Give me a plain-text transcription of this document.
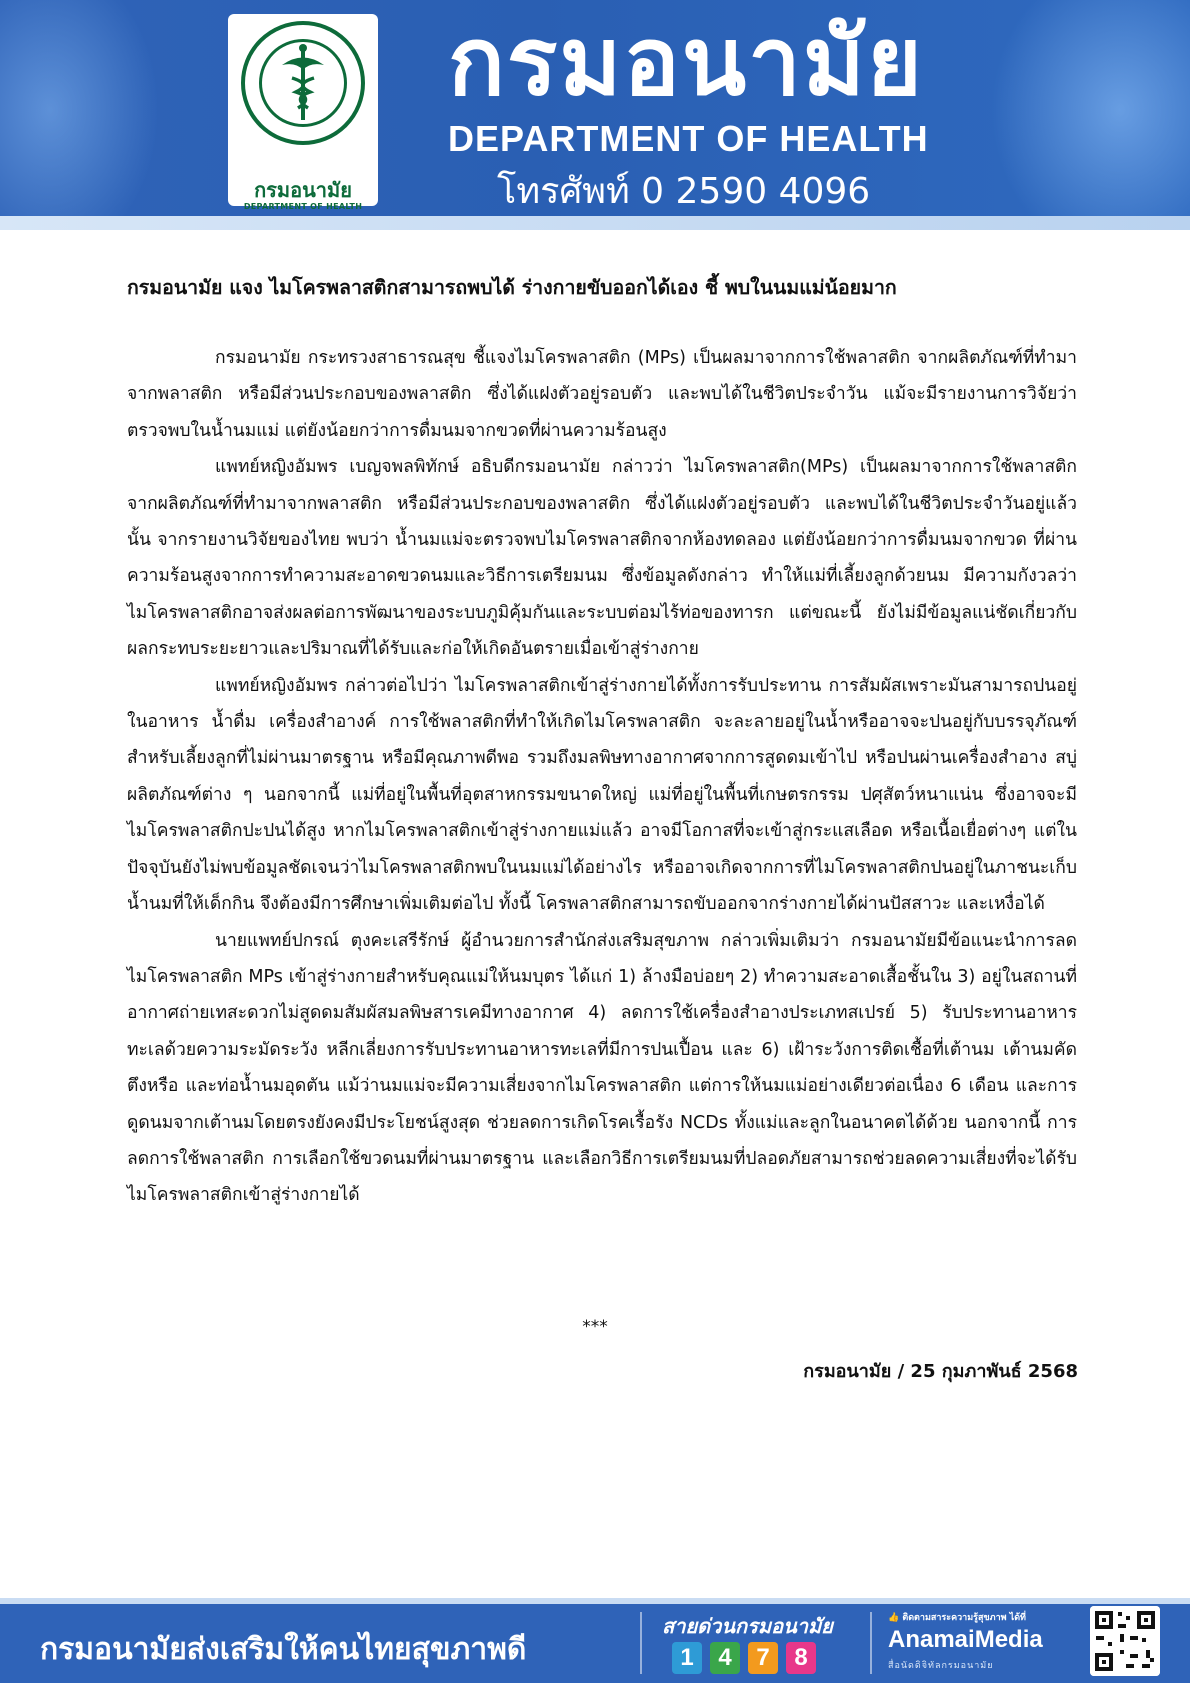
กรมอนามัย
DEPARTMENT OF HEALTH
กรมอนามัย
DEPARTMENT OF HEALTH
โทรศัพท์ 0 2590 4096
กรมอนามัย แจง ไมโครพลาสติกสามารถพบได้ ร่างกายขับออกได้เอง ชี้ พบในนมแม่น้อยมาก

กรมอนามัย กระทรวงสาธารณสุข ชี้แจงไมโครพลาสติก (MPs) เป็นผลมาจากการใช้พลาสติก จากผลิตภัณฑ์ที่ทำมาจากพลาสติก หรือมีส่วนประกอบของพลาสติก ซึ่งได้แฝงตัวอยู่รอบตัว และพบได้ในชีวิตประจำวัน แม้จะมีรายงานการวิจัยว่า ตรวจพบในน้ำนมแม่ แต่ยังน้อยกว่าการดื่มนมจากขวดที่ผ่านความร้อนสูง

แพทย์หญิงอัมพร เบญจพลพิทักษ์ อธิบดีกรมอนามัย กล่าวว่า ไมโครพลาสติก(MPs) เป็นผลมาจากการใช้พลาสติก จากผลิตภัณฑ์ที่ทำมาจากพลาสติก หรือมีส่วนประกอบของพลาสติก ซึ่งได้แฝงตัวอยู่รอบตัว และพบได้ในชีวิตประจำวันอยู่แล้ว นั้น จากรายงานวิจัยของไทย พบว่า น้ำนมแม่จะตรวจพบไมโครพลาสติกจากห้องทดลอง แต่ยังน้อยกว่าการดื่มนมจากขวด ที่ผ่านความร้อนสูงจากการทำความสะอาดขวดนมและวิธีการเตรียมนม ซึ่งข้อมูลดังกล่าว ทำให้แม่ที่เลี้ยงลูกด้วยนม มีความกังวลว่าไมโครพลาสติกอาจส่งผลต่อการพัฒนาของระบบภูมิคุ้มกันและระบบต่อมไร้ท่อของทารก แต่ขณะนี้ ยังไม่มีข้อมูลแน่ชัดเกี่ยวกับผลกระทบระยะยาวและปริมาณที่ได้รับและก่อให้เกิดอันตรายเมื่อเข้าสู่ร่างกาย

แพทย์หญิงอัมพร กล่าวต่อไปว่า ไมโครพลาสติกเข้าสู่ร่างกายได้ทั้งการรับประทาน การสัมผัสเพราะมันสามารถปนอยู่ในอาหาร น้ำดื่ม เครื่องสำอางค์ การใช้พลาสติกที่ทำให้เกิดไมโครพลาสติก จะละลายอยู่ในน้ำหรืออาจจะปนอยู่กับบรรจุภัณฑ์สำหรับเลี้ยงลูกที่ไม่ผ่านมาตรฐาน หรือมีคุณภาพดีพอ รวมถึงมลพิษทางอากาศจากการสูดดมเข้าไป หรือปนผ่านเครื่องสำอาง สบู่ ผลิตภัณฑ์ต่าง ๆ นอกจากนี้ แม่ที่อยู่ในพื้นที่อุตสาหกรรมขนาดใหญ่ แม่ที่อยู่ในพื้นที่เกษตรกรรม ปศุสัตว์หนาแน่น ซึ่งอาจจะมีไมโครพลาสติกปะปนได้สูง หากไมโครพลาสติกเข้าสู่ร่างกายแม่แล้ว อาจมีโอกาสที่จะเข้าสู่กระแสเลือด หรือเนื้อเยื่อต่างๆ แต่ในปัจจุบันยังไม่พบข้อมูลชัดเจนว่าไมโครพลาสติกพบในนมแม่ได้อย่างไร หรืออาจเกิดจากการที่ไมโครพลาสติกปนอยู่ในภาชนะเก็บน้ำนมที่ให้เด็กกิน จึงต้องมีการศึกษาเพิ่มเติมต่อไป ทั้งนี้ โครพลาสติกสามารถขับออกจากร่างกายได้ผ่านปัสสาวะ และเหงื่อได้

นายแพทย์ปกรณ์ ตุงคะเสรีรักษ์ ผู้อำนวยการสำนักส่งเสริมสุขภาพ กล่าวเพิ่มเติมว่า กรมอนามัยมีข้อแนะนำการลดไมโครพลาสติก MPs เข้าสู่ร่างกายสำหรับคุณแม่ให้นมบุตร ได้แก่ 1) ล้างมือบ่อยๆ 2) ทำความสะอาดเสื้อชั้นใน 3) อยู่ในสถานที่อากาศถ่ายเทสะดวกไม่สูดดมสัมผัสมลพิษสารเคมีทางอากาศ 4) ลดการใช้เครื่องสำอางประเภทสเปรย์ 5) รับประทานอาหารทะเลด้วยความระมัดระวัง หลีกเลี่ยงการรับประทานอาหารทะเลที่มีการปนเปื้อน และ 6) เฝ้าระวังการติดเชื้อที่เต้านม เต้านมคัดตึงหรือ และท่อน้ำนมอุดตัน แม้ว่านมแม่จะมีความเสี่ยงจากไมโครพลาสติก แต่การให้นมแม่อย่างเดียวต่อเนื่อง 6 เดือน และการดูดนมจากเต้านมโดยตรงยังคงมีประโยชน์สูงสุด ช่วยลดการเกิดโรคเรื้อรัง NCDs ทั้งแม่และลูกในอนาคตได้ด้วย นอกจากนี้ การลดการใช้พลาสติก การเลือกใช้ขวดนมที่ผ่านมาตรฐาน และเลือกวิธีการเตรียมนมที่ปลอดภัยสามารถช่วยลดความเสี่ยงที่จะได้รับไมโครพลาสติกเข้าสู่ร่างกายได้

***
กรมอนามัย / 25 กุมภาพันธ์ 2568
กรมอนามัยส่งเสริมให้คนไทยสุขภาพดี
สายด่วนกรมอนามัย
1 4 7 8
👍 ติดตามสาระความรู้สุขภาพ ได้ที่
AnamaiMedia
สื่อนัดดิจิทัลกรมอนามัย
